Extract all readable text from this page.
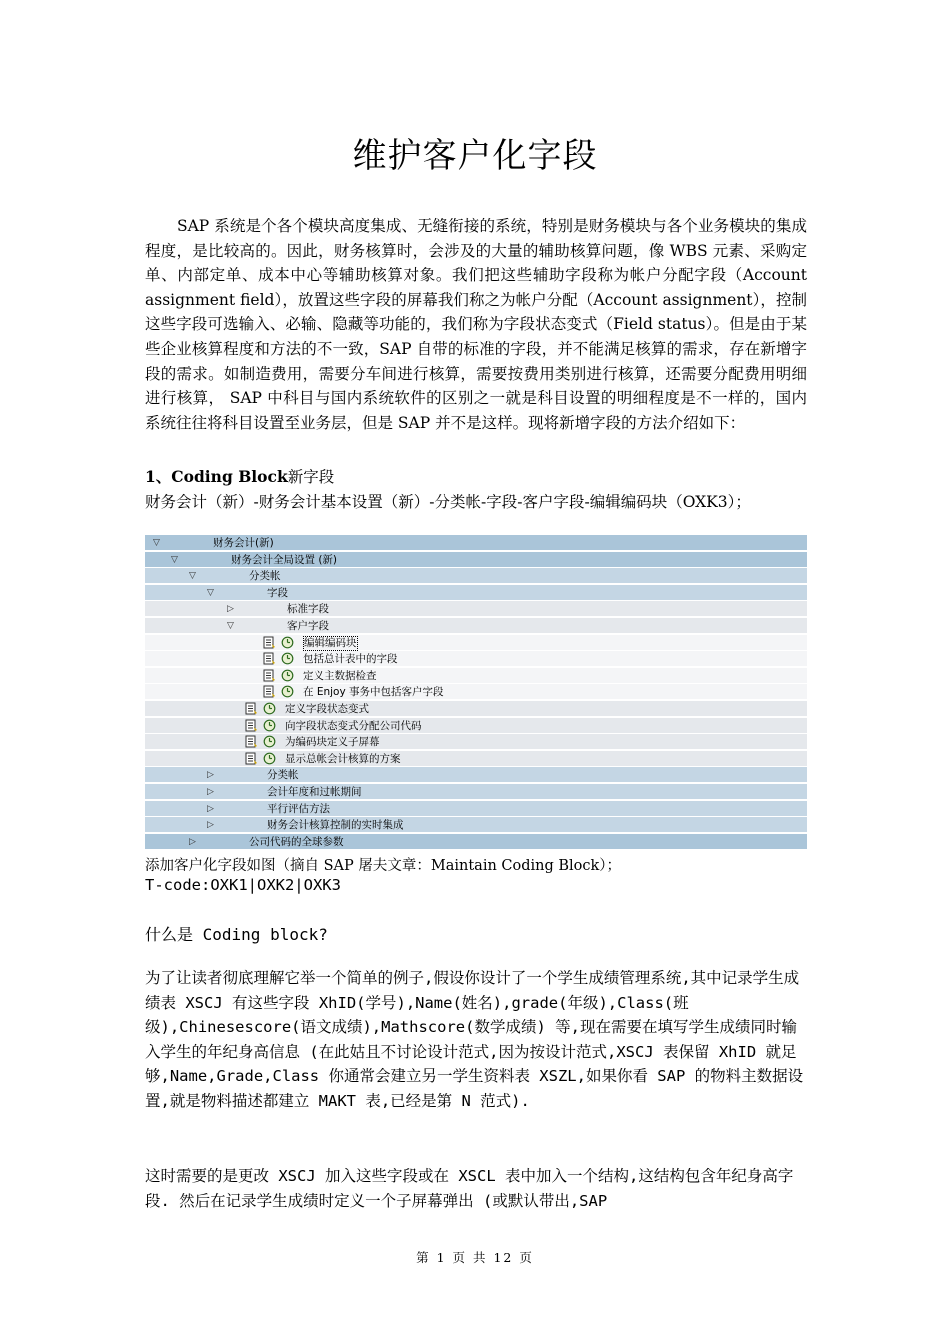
维护客户化字段
SAP 系统是个各个模块高度集成、无缝衔接的系统，特别是财务模块与各个业务模块的集成程度，是比较高的。因此，财务核算时，会涉及的大量的辅助核算问题，像 WBS 元素、采购定单、内部定单、成本中心等辅助核算对象。我们把这些辅助字段称为帐户分配字段（Account assignment field），放置这些字段的屏幕我们称之为帐户分配（Account assignment），控制这些字段可选输入、必输、隐藏等功能的，我们称为字段状态变式（Field status）。但是由于某些企业核算程度和方法的不一致，SAP 自带的标准的字段，并不能满足核算的需求，存在新增字段的需求。如制造费用，需要分车间进行核算，需要按费用类别进行核算，还需要分配费用明细进行核算， SAP 中科目与国内系统软件的区别之一就是科目设置的明细程度是不一样的，国内系统往往将科目设置至业务层，但是 SAP 并不是这样。现将新增字段的方法介绍如下：
1、Coding Block新字段
财务会计（新）-财务会计基本设置（新）-分类帐-字段-客户字段-编辑编码块（OXK3）；
▽	财务会计(新)
▽	财务会计全局设置 (新)
▽	分类帐
▽	字段
▷	标准字段
▽	客户字段
编辑编码块
包括总计表中的字段
定义主数据检查
在 Enjoy 事务中包括客户字段
定义字段状态变式
向字段状态变式分配公司代码
为编码块定义子屏幕
显示总帐会计核算的方案
▷	分类帐
▷	会计年度和过帐期间
▷	平行评估方法
▷	财务会计核算控制的实时集成
▷	公司代码的全球参数
添加客户化字段如图（摘自 SAP 屠夫文章：Maintain Coding Block）；
T-code:OXK1|OXK2|OXK3
什么是 Coding block?
为了让读者彻底理解它举一个简单的例子,假设你设计了一个学生成绩管理系统,其中记录学生成绩表 XSCJ 有这些字段 XhID(学号),Name(姓名),grade(年级),Class(班级),Chinesescore(语文成绩),Mathscore(数学成绩) 等,现在需要在填写学生成绩同时输入学生的年纪身高信息 (在此姑且不讨论设计范式,因为按设计范式,XSCJ 表保留 XhID 就足够,Name,Grade,Class 你通常会建立另一学生资料表 XSZL,如果你看 SAP 的物料主数据设置,就是物料描述都建立 MAKT 表,已经是第 N 范式).
这时需要的是更改 XSCJ 加入这些字段或在 XSCL 表中加入一个结构,这结构包含年纪身高字段. 然后在记录学生成绩时定义一个子屏幕弹出 (或默认带出,SAP
第 1 页 共 12 页
